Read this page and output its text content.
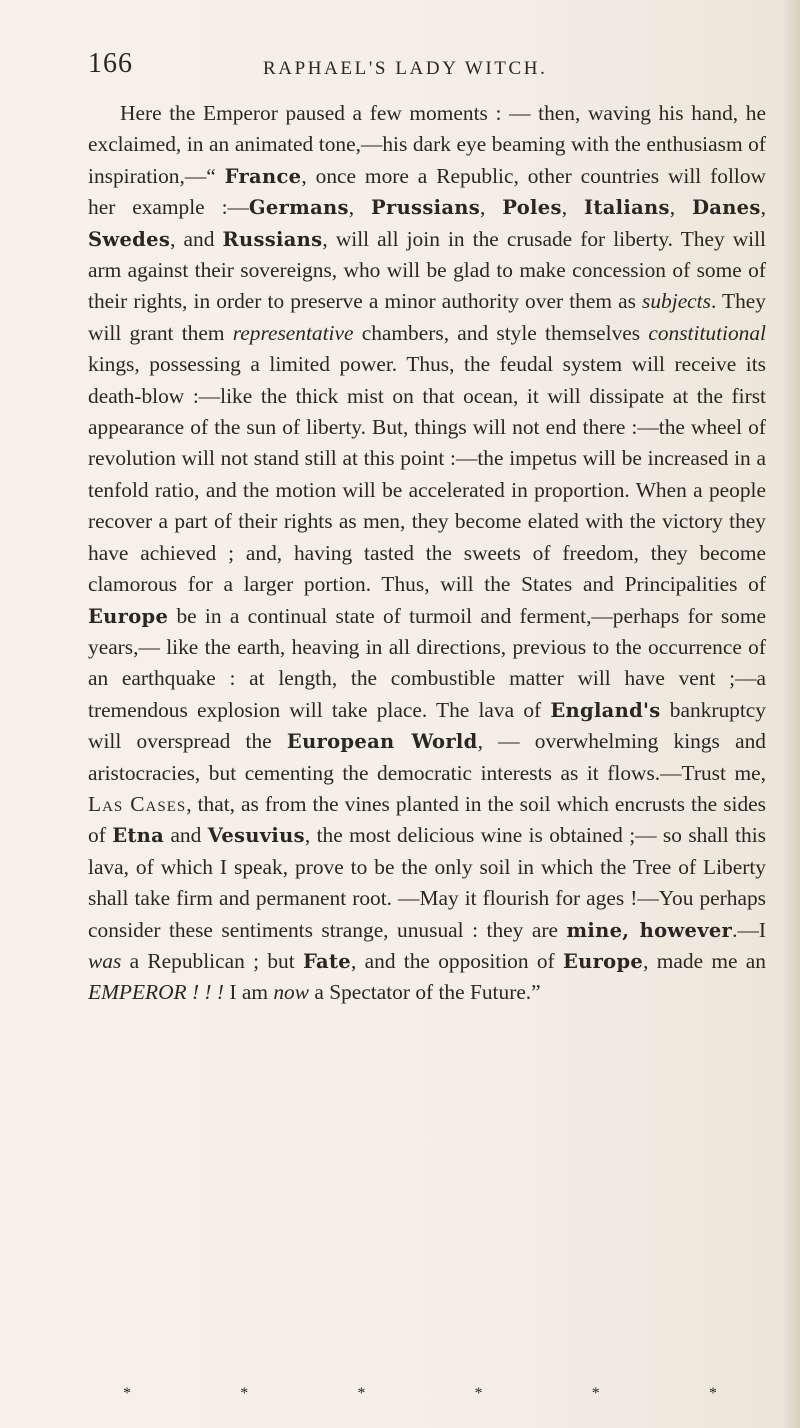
166	RAPHAEL'S LADY WITCH.

Here the Emperor paused a few moments : — then, waving his hand, he exclaimed, in an animated tone,—his dark eye beaming with the enthusiasm of inspiration,—“ France, once more a Republic, other countries will follow her example :—Germans, Prussians, Poles, Italians, Danes, Swedes, and Russians, will all join in the crusade for liberty. They will arm against their sovereigns, who will be glad to make concession of some of their rights, in order to preserve a minor authority over them as subjects. They will grant them representative chambers, and style themselves constitutional kings, possessing a limited power. Thus, the feudal system will receive its death-blow :—like the thick mist on that ocean, it will dissipate at the first appearance of the sun of liberty. But, things will not end there :—the wheel of revolution will not stand still at this point :—the impetus will be increased in a tenfold ratio, and the motion will be accelerated in proportion. When a people recover a part of their rights as men, they become elated with the victory they have achieved ; and, having tasted the sweets of freedom, they become clamorous for a larger portion. Thus, will the States and Principalities of Europe be in a continual state of turmoil and ferment,—perhaps for some years,— like the earth, heaving in all directions, previous to the occurrence of an earthquake : at length, the combustible matter will have vent ;—a tremendous explosion will take place. The lava of England's bankruptcy will overspread the European World, — overwhelming kings and aristocracies, but cementing the democratic interests as it flows.—Trust me, Las Cases, that, as from the vines planted in the soil which encrusts the sides of Etna and Vesuvius, the most delicious wine is obtained ;— so shall this lava, of which I speak, prove to be the only soil in which the Tree of Liberty shall take firm and permanent root. —May it flourish for ages !—You perhaps consider these sentiments strange, unusual : they are mine, however.—I was a Republican ; but Fate, and the opposition of Europe, made me an EMPEROR ! ! ! I am now a Spectator of the Future.”

*	*	*	*	*	*
